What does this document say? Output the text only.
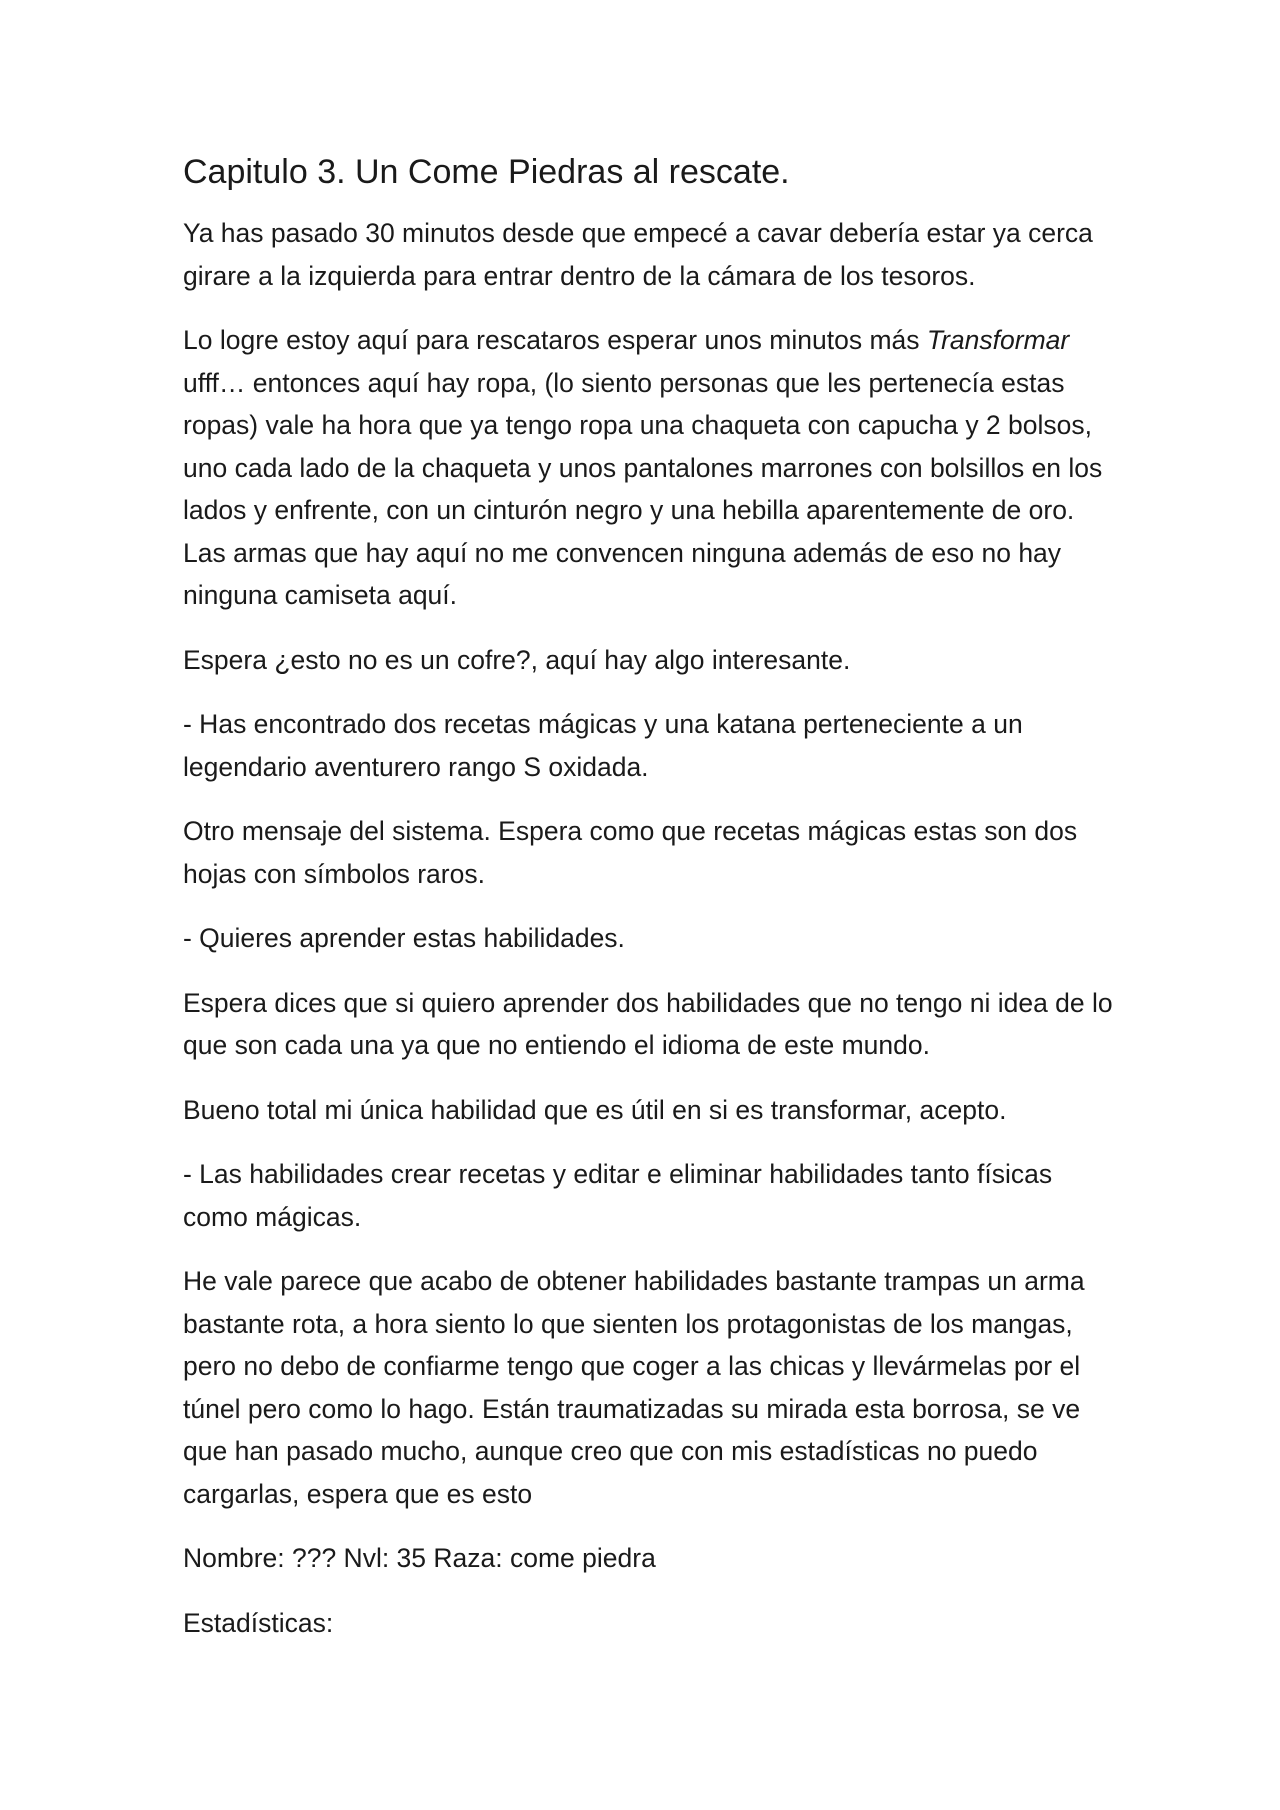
Capitulo 3. Un Come Piedras al rescate.

Ya has pasado 30 minutos desde que empecé a cavar debería estar ya cerca girare a la izquierda para entrar dentro de la cámara de los tesoros.

Lo logre estoy aquí para rescataros esperar unos minutos más Transformar ufff… entonces aquí hay ropa, (lo siento personas que les pertenecía estas ropas) vale ha hora que ya tengo ropa una chaqueta con capucha y 2 bolsos, uno cada lado de la chaqueta y unos pantalones marrones con bolsillos en los lados y enfrente, con un cinturón negro y una hebilla aparentemente de oro. Las armas que hay aquí no me convencen ninguna además de eso no hay ninguna camiseta aquí.

Espera ¿esto no es un cofre?, aquí hay algo interesante.

- Has encontrado dos recetas mágicas y una katana perteneciente a un legendario aventurero rango S oxidada.

Otro mensaje del sistema. Espera como que recetas mágicas estas son dos hojas con símbolos raros.

- Quieres aprender estas habilidades.

Espera dices que si quiero aprender dos habilidades que no tengo ni idea de lo que son cada una ya que no entiendo el idioma de este mundo.

Bueno total mi única habilidad que es útil en si es transformar, acepto.

- Las habilidades crear recetas y editar e eliminar habilidades tanto físicas como mágicas.

He vale parece que acabo de obtener habilidades bastante trampas un arma bastante rota, a hora siento lo que sienten los protagonistas de los mangas, pero no debo de confiarme tengo que coger a las chicas y llevármelas por el túnel pero como lo hago. Están traumatizadas su mirada esta borrosa, se ve que han pasado mucho, aunque creo que con mis estadísticas no puedo cargarlas, espera que es esto

Nombre: ??? Nvl: 35 Raza: come piedra

Estadísticas:
